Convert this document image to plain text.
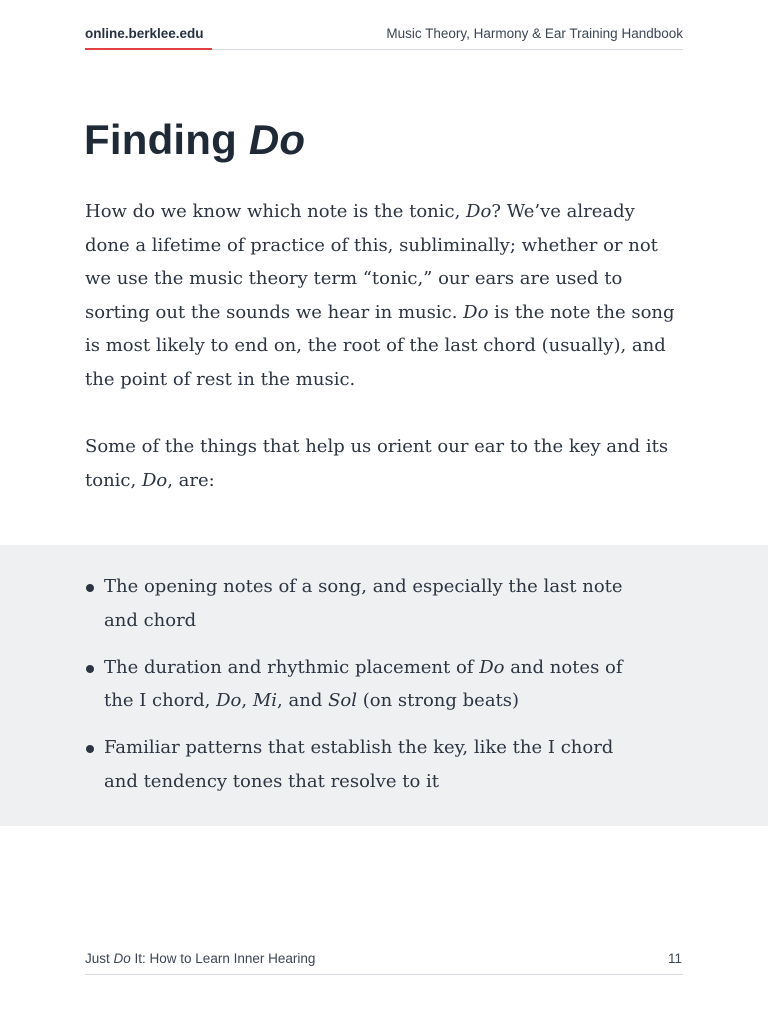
online.berklee.edu	Music Theory, Harmony & Ear Training Handbook
Finding Do

How do we know which note is the tonic, Do? We’ve already done a lifetime of practice of this, subliminally; whether or not we use the music theory term “tonic,” our ears are used to sorting out the sounds we hear in music. Do is the note the song is most likely to end on, the root of the last chord (usually), and the point of rest in the music.

Some of the things that help us orient our ear to the key and its tonic, Do, are:

The opening notes of a song, and especially the last note and chord
The duration and rhythmic placement of Do and notes of the I chord, Do, Mi, and Sol (on strong beats)
Familiar patterns that establish the key, like the I chord and tendency tones that resolve to it
Just Do It: How to Learn Inner Hearing	11
